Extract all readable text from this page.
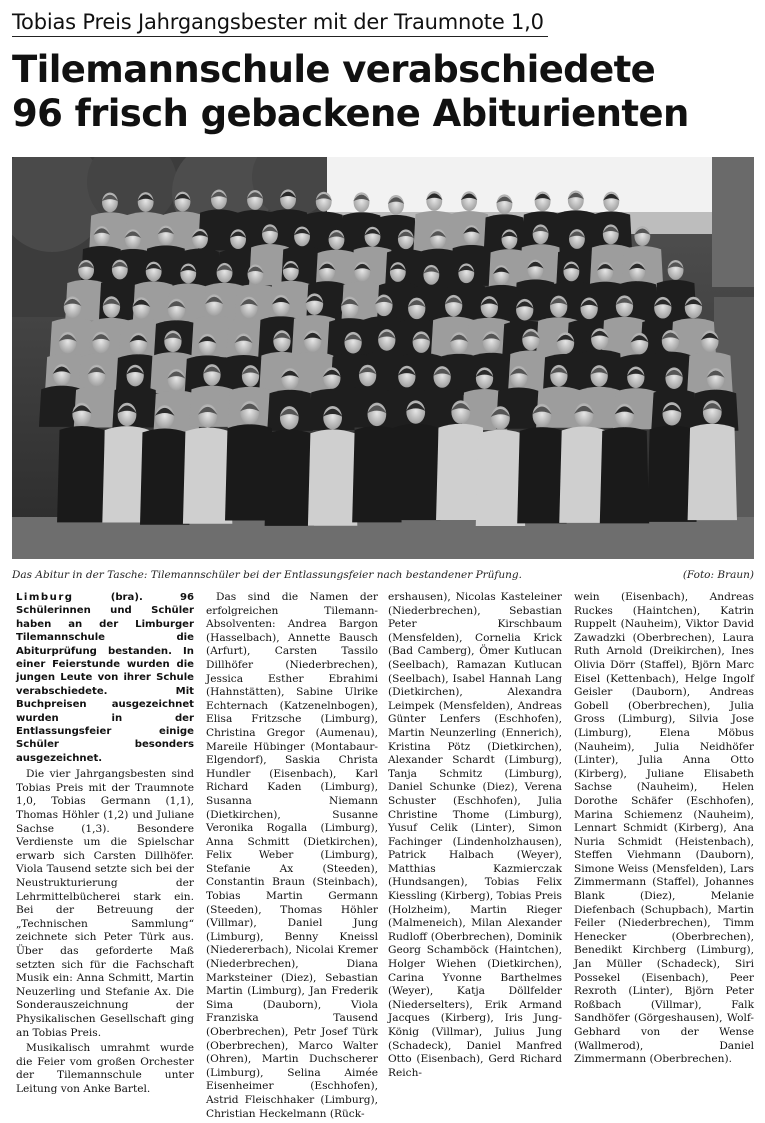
Tobias Preis Jahrgangsbester mit der Traumnote 1,0
Tilemannschule verabschiedete
96 frisch gebackene Abiturienten
Das Abitur in der Tasche: Tilemannschüler bei der Entlassungsfeier nach bestandener Prüfung.	(Foto: Braun)

Limburg	(bra). 96 Schülerinnen und Schüler haben an der Limburger Tilemannschule die Abiturprüfung bestanden. In einer Feierstunde wurden die jungen Leute von ihrer Schule verabschiedete. Mit Buchpreisen ausgezeichnet wurden in der Entlassungsfeier einige Schüler besonders ausgezeichnet.

Die vier Jahrgangsbesten sind Tobias Preis mit der Traumnote 1,0, Tobias Germann (1,1), Thomas Höhler (1,2) und Juliane Sachse (1,3). Besondere Verdienste um die Spielschar erwarb sich Carsten Dillhöfer. Viola Tausend setzte sich bei der Neustrukturierung der Lehrmittelbücherei stark ein. Bei der Betreuung der „Technischen Sammlung“ zeichnete sich Peter Türk aus. Über das geforderte Maß setzten sich für die Fachschaft Musik ein: Anna Schmitt, Martin Neuzerling und Stefanie Ax. Die Sonderauszeichnung der Physikalischen Gesellschaft ging an Tobias Preis.

Musikalisch umrahmt wurde die Feier vom großen Orchester der Tilemannschule unter Leitung von Anke Bartel.

Das sind die Namen der erfolgreichen Tilemann-Absolventen: Andrea Bargon (Hasselbach), Annette Bausch (Arfurt), Carsten Tassilo Dillhöfer (Niederbrechen), Jessica Esther Ebrahimi (Hahnstätten), Sabine Ulrike Echternach (Katzenelnbogen), Elisa Fritzsche (Limburg), Christina Gregor (Aumenau), Mareile Hübinger (Montabaur-Elgendorf), Saskia Christa Hundler (Eisenbach), Karl Richard Kaden (Limburg), Susanna Niemann (Dietkirchen), Susanne Veronika Rogalla (Limburg), Anna Schmitt (Dietkirchen), Felix Weber (Limburg), Stefanie Ax (Steeden), Constantin Braun (Steinbach), Tobias Martin Germann (Steeden), Thomas Höhler (Villmar), Daniel Jung (Limburg), Benny Kneissl (Niedererbach), Nicolai Kremer (Niederbrechen), Diana Marksteiner (Diez), Sebastian Martin (Limburg), Jan Frederik Sima (Dauborn), Viola Franziska Tausend (Oberbrechen), Petr Josef Türk (Oberbrechen), Marco Walter (Ohren), Martin Duchscherer (Limburg), Selina Aimée Eisenheimer (Eschhofen), Astrid Fleischhaker (Limburg), Christian Heckelmann (Rück-

ershausen), Nicolas Kasteleiner (Niederbrechen), Sebastian Peter Kirschbaum (Mensfelden), Cornelia Krick (Bad Camberg), Ömer Kutlucan (Seelbach), Ramazan Kutlucan (Seelbach), Isabel Hannah Lang (Dietkirchen), Alexandra Leimpek (Mensfelden), Andreas Günter Lenfers (Eschhofen), Martin Neunzerling (Ennerich), Kristina Pötz (Dietkirchen), Alexander Schardt (Limburg), Tanja Schmitz (Limburg), Daniel Schunke (Diez), Verena Schuster (Eschhofen), Julia Christine Thome (Limburg), Yusuf Celik (Linter), Simon Fachinger (Lindenholzhausen), Patrick Halbach (Weyer), Matthias Kazmierczak (Hundsangen), Tobias Felix Kiessling (Kirberg), Tobias Preis (Holzheim), Martin Rieger (Malmeneich), Milan Alexander Rudloff (Oberbrechen), Dominik Georg Schamböck (Haintchen), Holger Wiehen (Dietkirchen), Carina Yvonne Barthelmes (Weyer), Katja Döllfelder (Niederselters), Erik Armand Jacques (Kirberg), Iris Jung-König (Villmar), Julius Jung (Schadeck), Daniel Manfred Otto (Eisenbach), Gerd Richard Reich-

wein (Eisenbach), Andreas Ruckes (Haintchen), Katrin Ruppelt (Nauheim), Viktor David Zawadzki (Oberbrechen), Laura Ruth Arnold (Dreikirchen), Ines Olivia Dörr (Staffel), Björn Marc Eisel (Kettenbach), Helge Ingolf Geisler (Dauborn), Andreas Gobell (Oberbrechen), Julia Gross (Limburg), Silvia Jose (Limburg), Elena Möbus (Nauheim), Julia Neidhöfer (Linter), Julia Anna Otto (Kirberg), Juliane Elisabeth Sachse (Nauheim), Helen Dorothe Schäfer (Eschhofen), Marina Schiemenz (Nauheim), Lennart Schmidt (Kirberg), Ana Nuria Schmidt (Heistenbach), Steffen Viehmann (Dauborn), Simone Weiss (Mensfelden), Lars Zimmermann (Staffel), Johannes Blank (Diez), Melanie Diefenbach (Schupbach), Martin Feiler (Niederbrechen), Timm Henecker (Oberbrechen), Benedikt Kirchberg (Limburg), Jan Müller (Schadeck), Siri Possekel (Eisenbach), Peer Rexroth (Linter), Björn Peter Roßbach (Villmar), Falk Sandhöfer (Görgeshausen), Wolf-Gebhard von der Wense (Wallmerod), Daniel Zimmermann (Oberbrechen).
